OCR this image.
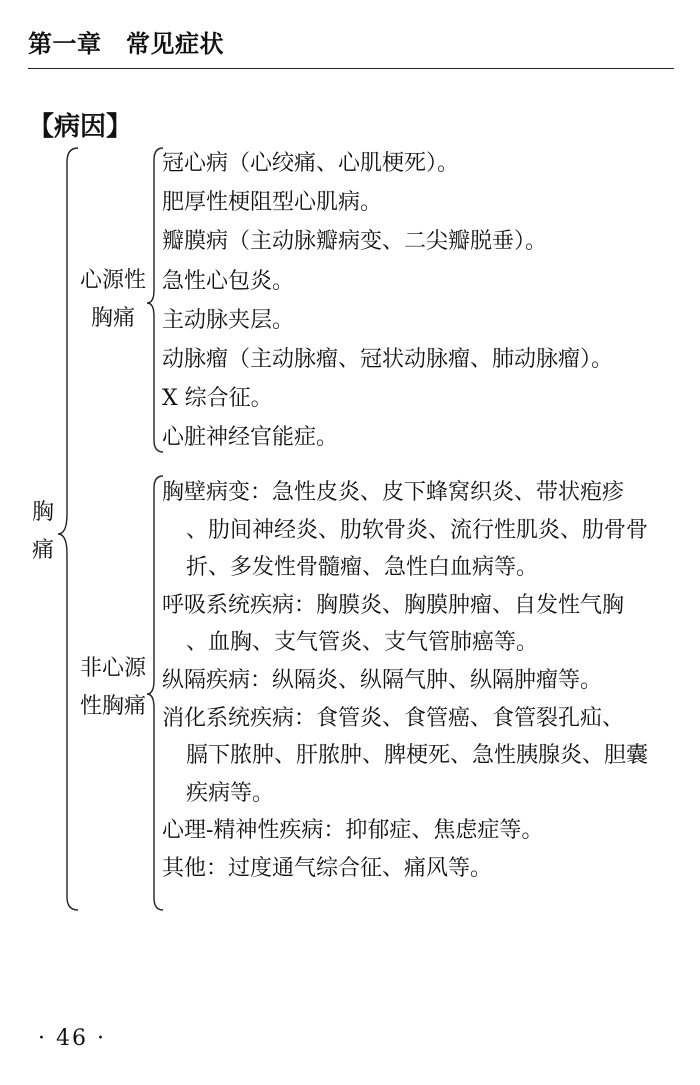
第一章　常见症状
【病因】
胸
痛
心源性
胸痛
非心源
性胸痛
冠心病（心绞痛、心肌梗死）。
肥厚性梗阻型心肌病。
瓣膜病（主动脉瓣病变、二尖瓣脱垂）。
急性心包炎。
主动脉夹层。
动脉瘤（主动脉瘤、冠状动脉瘤、肺动脉瘤）。
X 综合征。
心脏神经官能症。
胸壁病变：急性皮炎、皮下蜂窝织炎、带状疱疹
、肋间神经炎、肋软骨炎、流行性肌炎、肋骨骨
折、多发性骨髓瘤、急性白血病等。
呼吸系统疾病：胸膜炎、胸膜肿瘤、自发性气胸
、血胸、支气管炎、支气管肺癌等。
纵隔疾病：纵隔炎、纵隔气肿、纵隔肿瘤等。
消化系统疾病：食管炎、食管癌、食管裂孔疝、
膈下脓肿、肝脓肿、脾梗死、急性胰腺炎、胆囊
疾病等。
心理-精神性疾病：抑郁症、焦虑症等。
其他：过度通气综合征、痛风等。
· 46 ·
